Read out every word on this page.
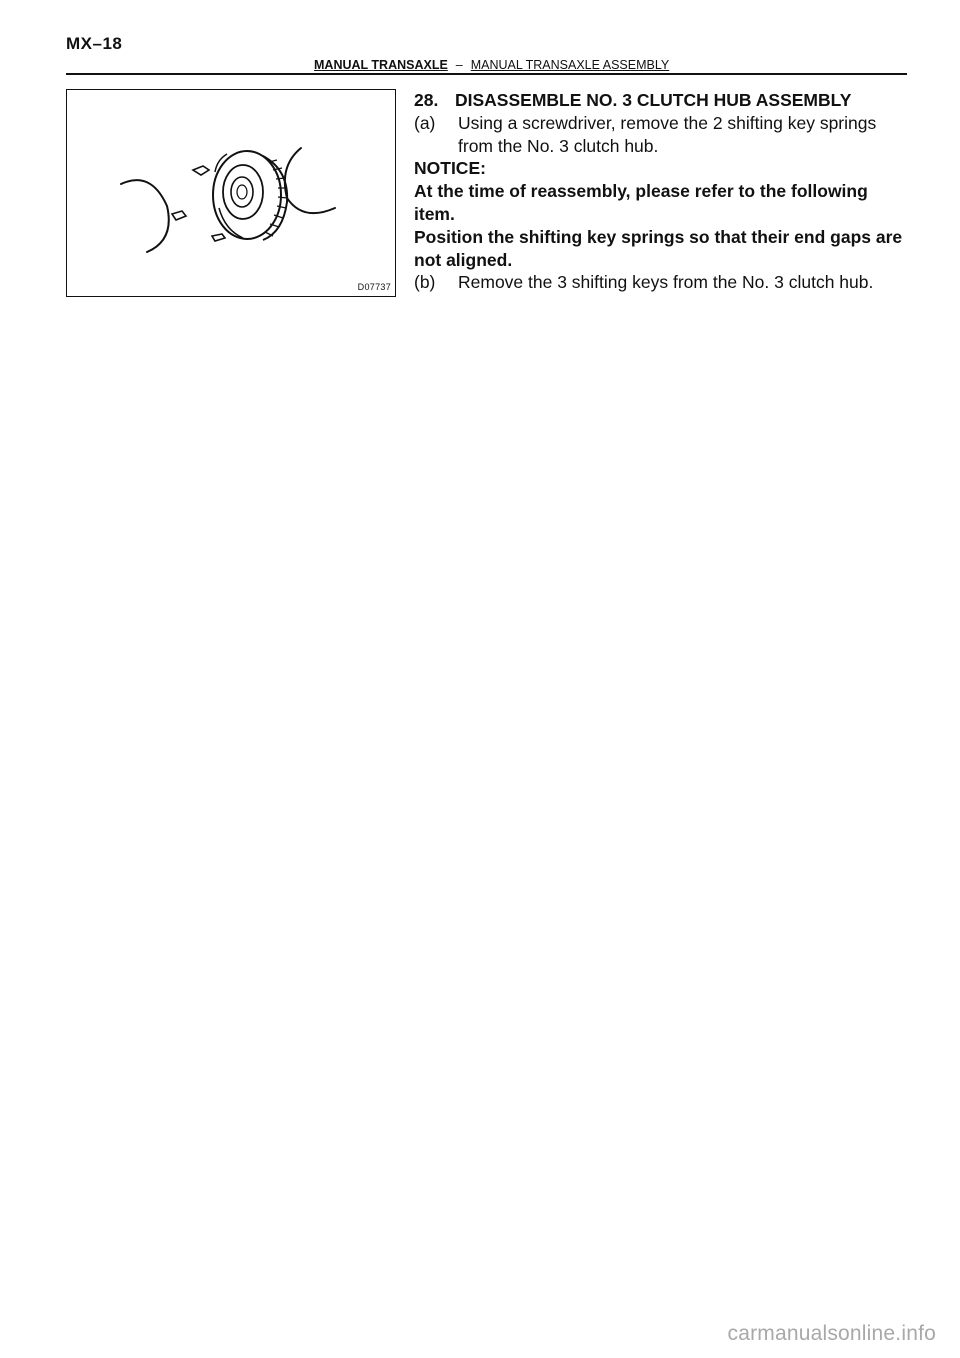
MX–18
MANUAL TRANSAXLE – MANUAL TRANSAXLE ASSEMBLY
D07737
28. DISASSEMBLE NO. 3 CLUTCH HUB ASSEMBLY
(a)	Using a screwdriver, remove the 2 shifting key springs from the No. 3 clutch hub.
NOTICE:
At the time of reassembly, please refer to the following item.
Position the shifting key springs so that their end gaps are not aligned.
(b)	Remove the 3 shifting keys from the No. 3 clutch hub.
carmanualsonline.info
